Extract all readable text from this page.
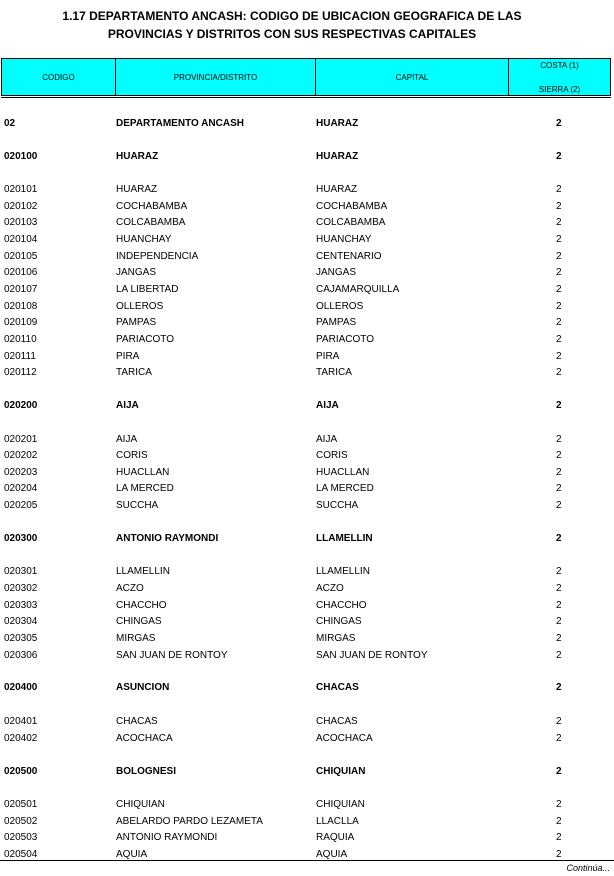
1.17 DEPARTAMENTO ANCASH: CODIGO DE UBICACION GEOGRAFICA DE LAS
PROVINCIAS Y DISTRITOS CON SUS RESPECTIVAS CAPITALES
CODIGO	PROVINCIA/DISTRITO	CAPITAL
COSTA (1)
SIERRA (2)
02	DEPARTAMENTO ANCASH	HUARAZ	2
020100	HUARAZ	HUARAZ	2
020101	HUARAZ	HUARAZ	2
020102	COCHABAMBA	COCHABAMBA	2
020103	COLCABAMBA	COLCABAMBA	2
020104	HUANCHAY	HUANCHAY	2
020105	INDEPENDENCIA	CENTENARIO	2
020106	JANGAS	JANGAS	2
020107	LA LIBERTAD	CAJAMARQUILLA	2
020108	OLLEROS	OLLEROS	2
020109	PAMPAS	PAMPAS	2
020110	PARIACOTO	PARIACOTO	2
020111	PIRA	PIRA	2
020112	TARICA	TARICA	2
020200	AIJA	AIJA	2
020201	AIJA	AIJA	2
020202	CORIS	CORIS	2
020203	HUACLLAN	HUACLLAN	2
020204	LA MERCED	LA MERCED	2
020205	SUCCHA	SUCCHA	2
020300	ANTONIO RAYMONDI	LLAMELLIN	2
020301	LLAMELLIN	LLAMELLIN	2
020302	ACZO	ACZO	2
020303	CHACCHO	CHACCHO	2
020304	CHINGAS	CHINGAS	2
020305	MIRGAS	MIRGAS	2
020306	SAN JUAN DE RONTOY	SAN JUAN DE RONTOY	2
020400	ASUNCION	CHACAS	2
020401	CHACAS	CHACAS	2
020402	ACOCHACA	ACOCHACA	2
020500	BOLOGNESI	CHIQUIAN	2
020501	CHIQUIAN	CHIQUIAN	2
020502	ABELARDO PARDO LEZAMETA	LLACLLA	2
020503	ANTONIO RAYMONDI	RAQUIA	2
020504	AQUIA	AQUIA	2
Continúa...
